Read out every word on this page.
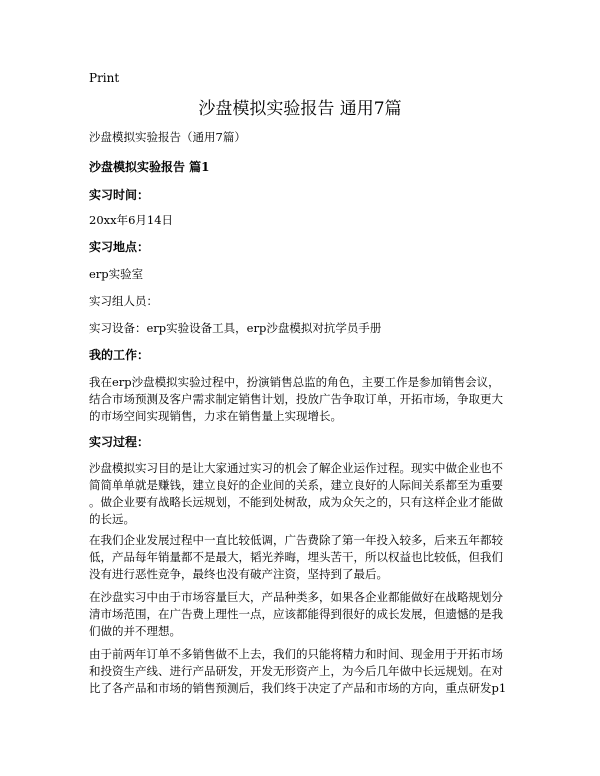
Print
沙盘模拟实验报告 通用7篇

沙盘模拟实验报告（通用7篇）

沙盘模拟实验报告 篇1

实习时间：

20xx年6月14日

实习地点：

erp实验室

实习组人员：

实习设备：erp实验设备工具，erp沙盘模拟对抗学员手册

我的工作：

我在erp沙盘模拟实验过程中，扮演销售总监的角色，主要工作是参加销售会议，
结合市场预测及客户需求制定销售计划，投放广告争取订单，开拓市场，争取更大
的市场空间实现销售，力求在销售量上实现增长。

实习过程：

沙盘模拟实习目的是让大家通过实习的机会了解企业运作过程。现实中做企业也不
简简单单就是赚钱，建立良好的企业间的关系，建立良好的人际间关系都至为重要
。做企业要有战略长远规划，不能到处树敌，成为众矢之的，只有这样企业才能做
的长远。
在我们企业发展过程中一直比较低调，广告费除了第一年投入较多，后来五年都较
低，产品每年销量都不是最大，韬光养晦，埋头苦干，所以权益也比较低，但我们
没有进行恶性竞争，最终也没有破产注资，坚持到了最后。
在沙盘实习中由于市场容量巨大，产品种类多，如果各企业都能做好在战略规划分
清市场范围，在广告费上理性一点，应该都能得到很好的成长发展，但遗憾的是我
们做的并不理想。
由于前两年订单不多销售做不上去，我们的只能将精力和时间、现金用于开拓市场
和投资生产线、进行产品研发，开发无形资产上，为今后几年做中长远规划。在对
比了各产品和市场的销售预测后，我们终于决定了产品和市场的方向，重点研发p1
